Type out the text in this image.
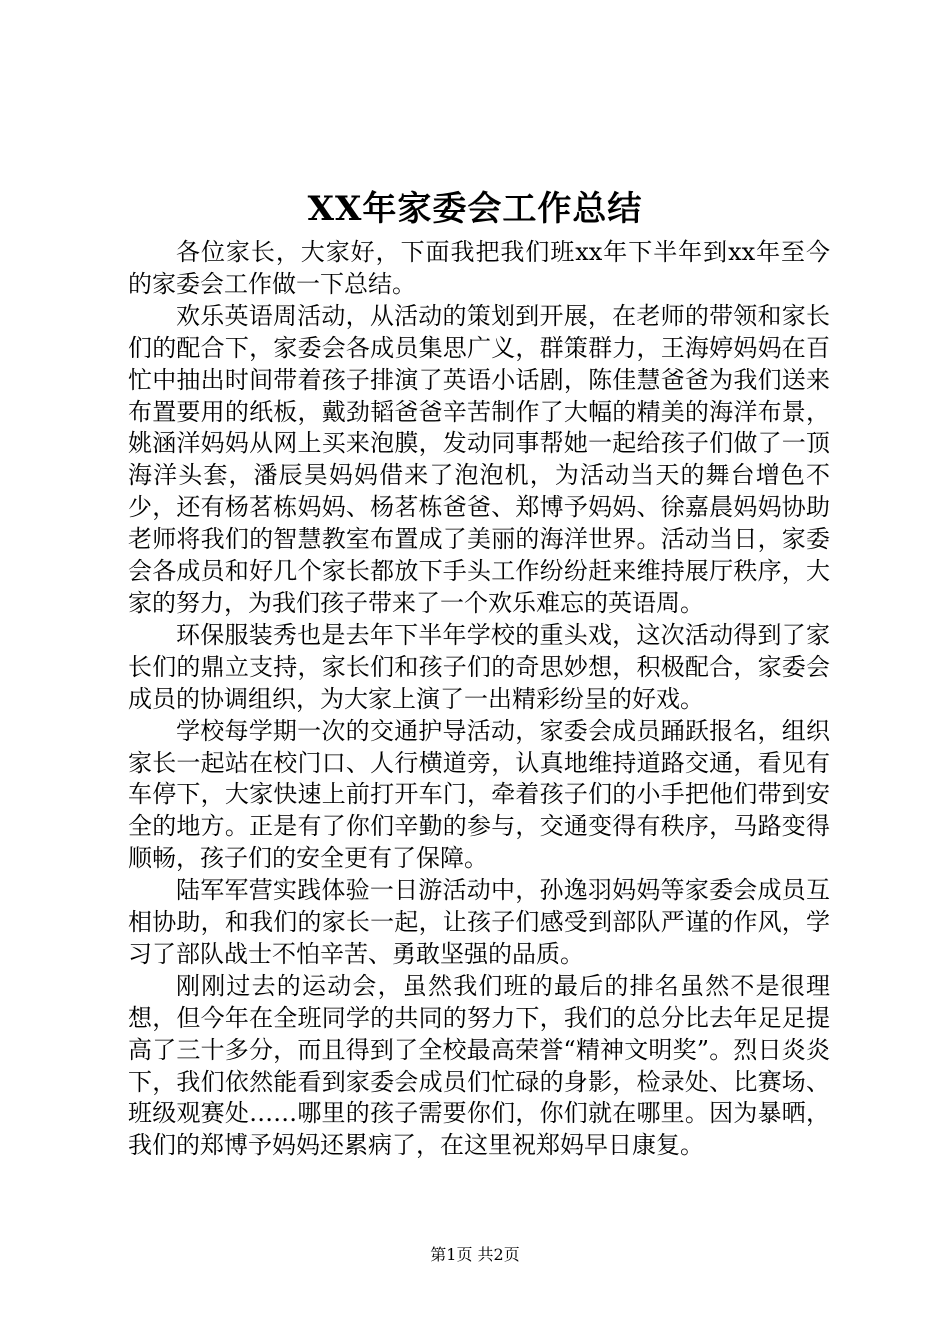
XX年家委会工作总结

各位家长，大家好，下面我把我们班xx年下半年到xx年至今的家委会工作做一下总结。

欢乐英语周活动，从活动的策划到开展，在老师的带领和家长们的配合下，家委会各成员集思广义，群策群力，王海婷妈妈在百忙中抽出时间带着孩子排演了英语小话剧，陈佳慧爸爸为我们送来布置要用的纸板，戴劲韬爸爸辛苦制作了大幅的精美的海洋布景，姚涵洋妈妈从网上买来泡膜，发动同事帮她一起给孩子们做了一顶海洋头套，潘辰昊妈妈借来了泡泡机，为活动当天的舞台增色不少，还有杨茗栋妈妈、杨茗栋爸爸、郑博予妈妈、徐嘉晨妈妈协助老师将我们的智慧教室布置成了美丽的海洋世界。活动当日，家委会各成员和好几个家长都放下手头工作纷纷赶来维持展厅秩序，大家的努力，为我们孩子带来了一个欢乐难忘的英语周。

环保服装秀也是去年下半年学校的重头戏，这次活动得到了家长们的鼎立支持，家长们和孩子们的奇思妙想，积极配合，家委会成员的协调组织，为大家上演了一出精彩纷呈的好戏。

学校每学期一次的交通护导活动，家委会成员踊跃报名，组织家长一起站在校门口、人行横道旁，认真地维持道路交通，看见有车停下，大家快速上前打开车门，牵着孩子们的小手把他们带到安全的地方。正是有了你们辛勤的参与，交通变得有秩序，马路变得顺畅，孩子们的安全更有了保障。

陆军军营实践体验一日游活动中，孙逸羽妈妈等家委会成员互相协助，和我们的家长一起，让孩子们感受到部队严谨的作风，学习了部队战士不怕辛苦、勇敢坚强的品质。

刚刚过去的运动会，虽然我们班的最后的排名虽然不是很理想，但今年在全班同学的共同的努力下，我们的总分比去年足足提高了三十多分，而且得到了全校最高荣誉“精神文明奖”。烈日炎炎下，我们依然能看到家委会成员们忙碌的身影，检录处、比赛场、班级观赛处……哪里的孩子需要你们，你们就在哪里。因为暴晒，我们的郑博予妈妈还累病了，在这里祝郑妈早日康复。

第1页 共2页
